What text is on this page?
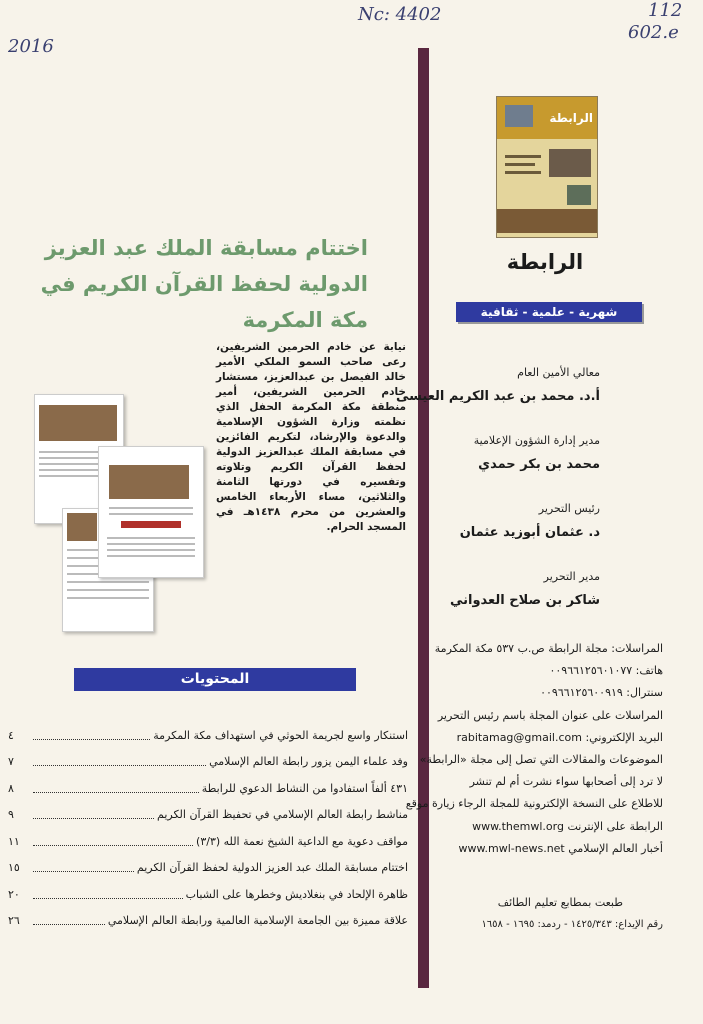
Nc: 4402	112
602.e
2016
الرابطة
الرابطة
شهرية - علمية - ثقافية
معالي الأمين العام
أ.د. محمد بن عبد الكريم العيسى
مدير إدارة الشؤون الإعلامية
محمد بن بكر حمدي
رئيس التحرير
د. عثمان أبوزيد عثمان
مدير التحرير
شاكر بن صلاح العدواني
المراسلات: مجلة الرابطة ص.ب ٥٣٧ مكة المكرمة
هاتف: ٠٠٩٦٦١٢٥٦٠١٠٧٧
سنترال: ٠٠٩٦٦١٢٥٦٠٠٩١٩
المراسلات على عنوان المجلة باسم رئيس التحرير
البريد الإلكتروني: rabitamag@gmail.com
الموضوعات والمقالات التي تصل إلى مجلة «الرابطة»
لا ترد إلى أصحابها سواء نشرت أم لم تنشر
للاطلاع على النسخة الإلكترونية للمجلة الرجاء زيارة موقع
الرابطة على الإنترنت www.themwl.org
أخبار العالم الإسلامي www.mwl-news.net
طبعت بمطابع تعليم الطائف
رقم الإيداع: ١٤٢٥/٣٤٣ - ردمد: ١٦٩٥ - ١٦٥٨
اختتام مسابقة الملك عبد العزيز الدولية لحفظ القرآن الكريم في مكة المكرمة
نيابة عن خادم الحرمين الشريفين، رعى صاحب السمو الملكي الأمير خالد الفيصل بن عبدالعزيز، مستشار خادم الحرمين الشريفين، أمير منطقة مكة المكرمة الحفل الذي نظمته وزارة الشؤون الإسلامية والدعوة والإرشاد، لتكريم الفائزين في مسابقة الملك عبدالعزيز الدولية لحفظ القرآن الكريم وتلاوته وتفسيره في دورتها الثامنة والثلاثين، مساء الأربعاء الخامس والعشرين من محرم ١٤٣٨هـ في المسجد الحرام.
المحتويات
استنكار واسع لجريمة الحوثي في استهداف مكة المكرمة
٤
وفد علماء اليمن يزور رابطة العالم الإسلامي
٧
٤٣١ ألفاً استفادوا من النشاط الدعوي للرابطة
٨
مناشط رابطة العالم الإسلامي في تحفيظ القرآن الكريم
٩
مواقف دعوية مع الداعية الشيخ نعمة الله (٣/٣)
١١
اختتام مسابقة الملك عبد العزيز الدولية لحفظ القرآن الكريم
١٥
ظاهرة الإلحاد في بنغلاديش وخطرها على الشباب
٢٠
علاقة مميزة بين الجامعة الإسلامية العالمية ورابطة العالم الإسلامي
٢٦
